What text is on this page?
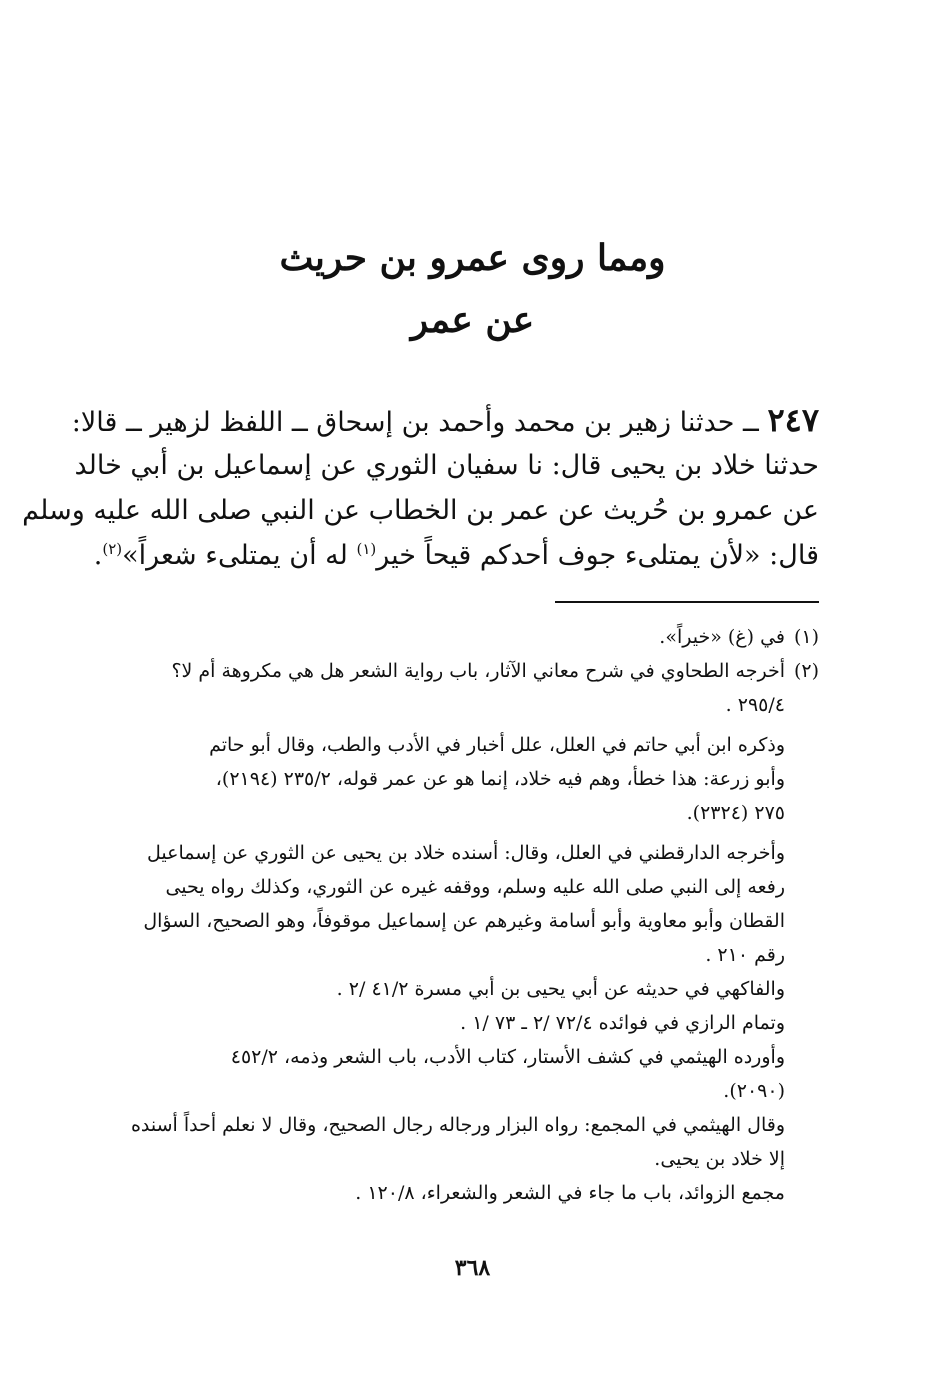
ومما روى عمرو بن حريث
عن عمر
٢٤٧ ــ حدثنا زهير بن محمد وأحمد بن إسحاق ــ اللفظ لزهير ــ قالا:
حدثنا خلاد بن يحيى قال: نا سفيان الثوري عن إسماعيل بن أبي خالد
عن عمرو بن حُريث عن عمر بن الخطاب عن النبي صلى الله عليه وسلم
قال: «لأن يمتلىء جوف أحدكم قيحاً خير$^{(١)}$ له أن يمتلىء شعراً»$^{(٢)}$.
(١)في (غ) «خيراً».
(٢)أخرجه الطحاوي في شرح معاني الآثار، باب رواية الشعر هل هي مكروهة أم لا؟
٢٩٥/٤ .
وذكره ابن أبي حاتم في العلل، علل أخبار في الأدب والطب، وقال أبو حاتم
وأبو زرعة: هذا خطأ، وهم فيه خلاد، إنما هو عن عمر قوله، ٢٣٥/٢ (٢١٩٤)،
٢٧٥ (٢٣٢٤).
وأخرجه الدارقطني في العلل، وقال: أسنده خلاد بن يحيى عن الثوري عن إسماعيل
رفعه إلى النبي صلى الله عليه وسلم، ووقفه غيره عن الثوري، وكذلك رواه يحيى
القطان وأبو معاوية وأبو أسامة وغيرهم عن إسماعيل موقوفاً، وهو الصحيح، السؤال
رقم ٢١٠ .
والفاكهي في حديثه عن أبي يحيى بن أبي مسرة ٤١/٢ /٢ .
وتمام الرازي في فوائده ٧٢/٤ /٢ ـ ٧٣ /١ .
وأورده الهيثمي في كشف الأستار، كتاب الأدب، باب الشعر وذمه، ٤٥٢/٢
(٢٠٩٠).
وقال الهيثمي في المجمع: رواه البزار ورجاله رجال الصحيح، وقال لا نعلم أحداً أسنده
إلا خلاد بن يحيى.
مجمع الزوائد، باب ما جاء في الشعر والشعراء، ١٢٠/٨ .
٣٦٨
